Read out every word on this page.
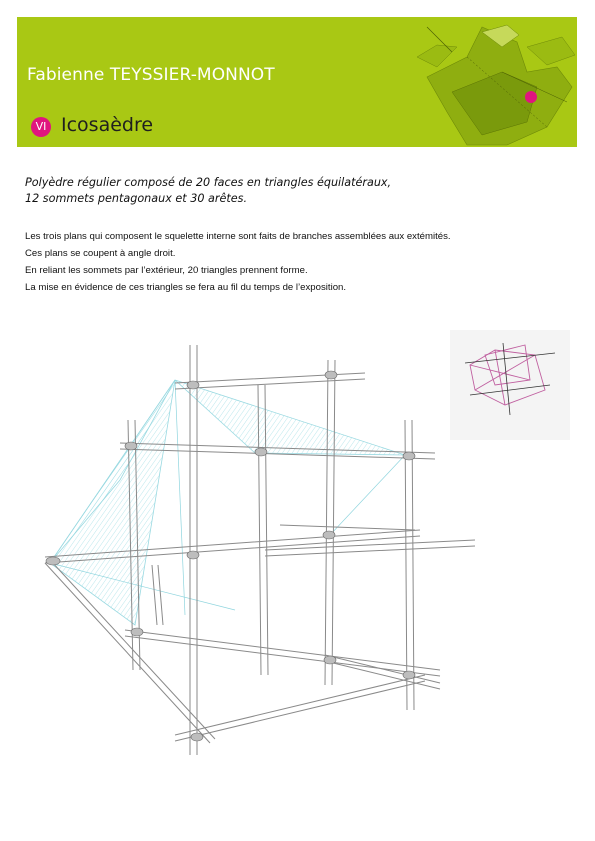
Fabienne TEYSSIER-MONNOT
VI Icosaèdre

Polyèdre régulier composé de 20 faces en triangles équilatéraux,

12 sommets pentagonaux et 30 arêtes.

Les trois plans qui composent le squelette interne sont faits de branches assemblées aux extémités.

Ces plans se coupent à angle droit.

En reliant les sommets par l’extérieur, 20 triangles prennent forme.

La mise en évidence de ces triangles se fera au fil du temps de l’exposition.
